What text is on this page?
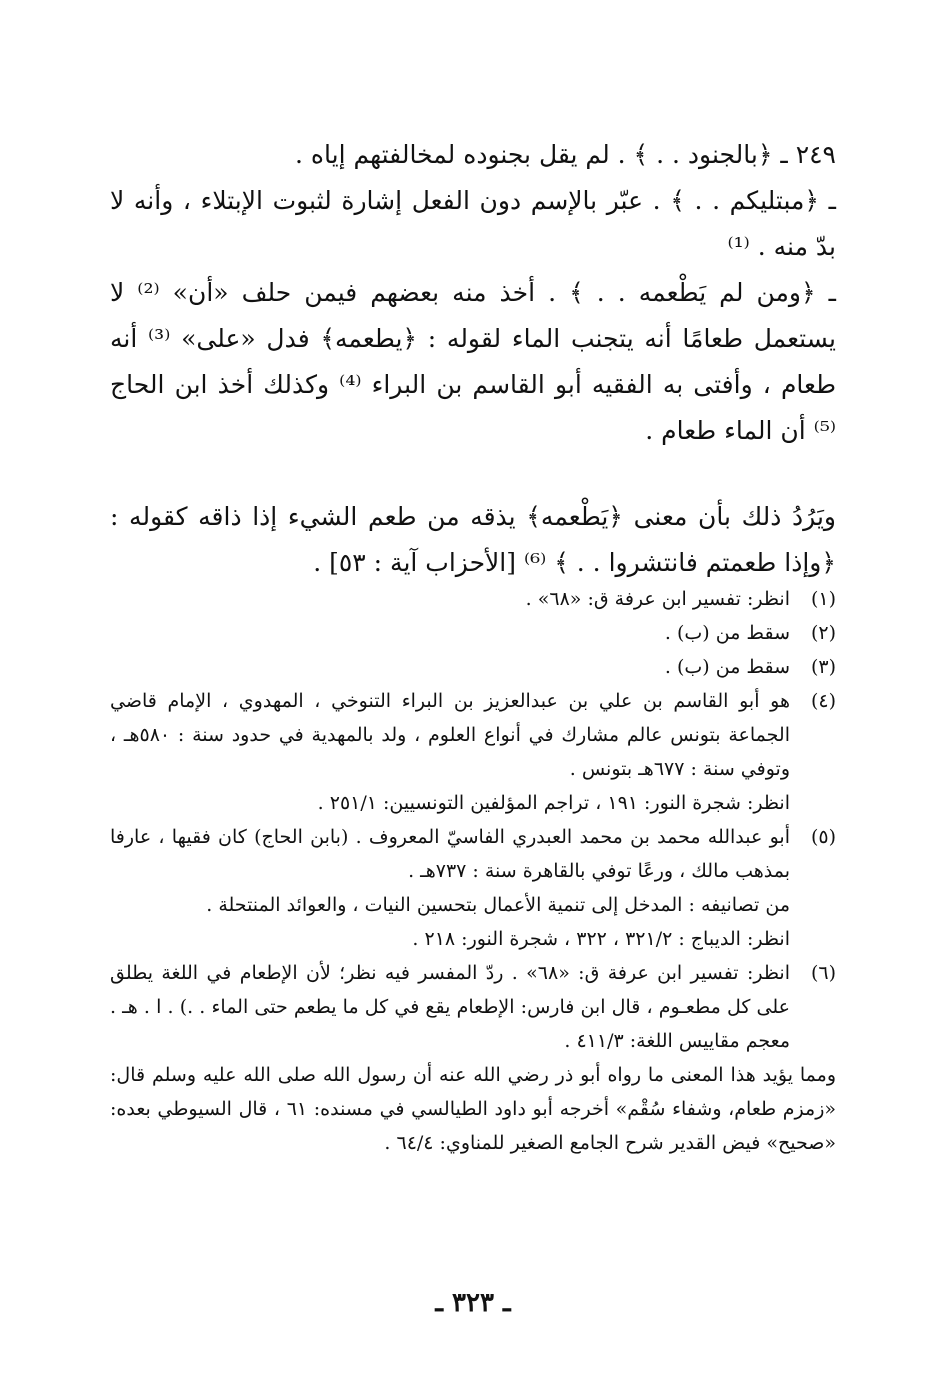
٢٤٩ ـ ﴿بالجنود . . ﴾ . لم يقل بجنوده لمخالفتهم إياه .

ـ ﴿مبتليكم . . ﴾ . عبّر بالإسم دون الفعل إشارة لثبوت الإبتلاء ، وأنه لا بدّ منه . ⁽¹⁾

ـ ﴿ومن لم يَطْعمه . . ﴾ . أخذ منه بعضهم فيمن حلف «أن» ⁽²⁾ لا يستعمل طعامًا أنه يتجنب الماء لقوله : ﴿يطعمه﴾ فدل «على» ⁽³⁾ أنه طعام ، وأفتى به الفقيه أبو القاسم بن البراء ⁽⁴⁾ وكذلك أخذ ابن الحاج ⁽⁵⁾ أن الماء طعام .

ويَرُدُ ذلك بأن معنى ﴿يَطْعمه﴾ يذقه من طعم الشيء إذا ذاقه كقوله : ﴿وإذا طعمتم فانتشروا . . ﴾ ⁽⁶⁾ [الأحزاب آية : ٥٣] .

(١)

انظر: تفسير ابن عرفة ق: «٦٨» .

(٢)

سقط من (ب) .

(٣)

سقط من (ب) .

(٤)

هو أبو القاسم بن علي بن عبدالعزيز بن البراء التنوخي ، المهدوي ، الإمام قاضي الجماعة بتونس عالم مشارك في أنواع العلوم ، ولد بالمهدية في حدود سنة : ٥٨٠هـ ، وتوفي سنة : ٦٧٧هـ بتونس .

انظر: شجرة النور: ١٩١ ، تراجم المؤلفين التونسيين: ٢٥١/١ .

(٥)

أبو عبدالله محمد بن محمد العبدري الفاسيّ المعروف . (بابن الحاج) كان فقيها ، عارفا بمذهب مالك ، ورعًا توفي بالقاهرة سنة : ٧٣٧هـ .

من تصانيفه : المدخل إلى تنمية الأعمال بتحسين النيات ، والعوائد المنتحلة .

انظر: الديباج : ٣٢١/٢ ، ٣٢٢ ، شجرة النور: ٢١٨ .

(٦)

انظر: تفسير ابن عرفة ق: «٦٨» . ردّ المفسر فيه نظر؛ لأن الإطعام في اللغة يطلق على كل مطعـوم ، قال ابن فارس: الإطعام يقع في كل ما يطعم حتى الماء . .) . ا . هـ . معجم مقاييس اللغة: ٤١١/٣ .

ومما يؤيد هذا المعنى ما رواه أبو ذر رضي الله عنه أن رسول الله صلى الله عليه وسلم قال: «زمزم طعام، وشفاء سُقْم» أخرجه أبو داود الطيالسي في مسنده: ٦١ ، قال السيوطي بعده: «صحيح» فيض القدير شرح الجامع الصغير للمناوي: ٦٤/٤ .

ـ ٣٢٣ ـ
